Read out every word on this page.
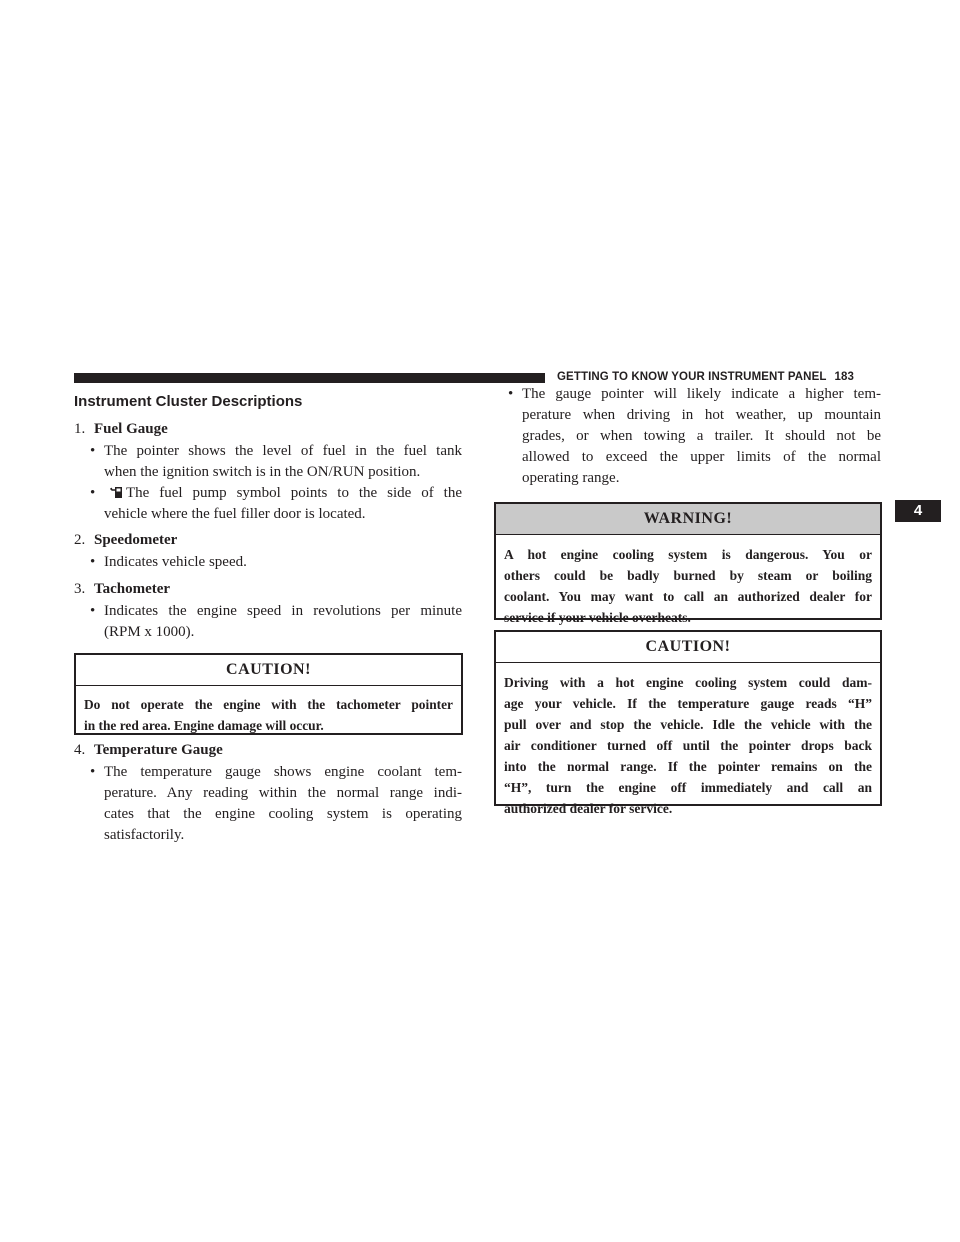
GETTING TO KNOW YOUR INSTRUMENT PANEL 183
4
Instrument Cluster Descriptions
1. Fuel Gauge
• The pointer shows the level of fuel in the fuel tank
when the ignition switch is in the ON/RUN position.
•	The fuel pump symbol points to the side of the
vehicle where the fuel filler door is located.
2. Speedometer
• Indicates vehicle speed.
3. Tachometer
• Indicates the engine speed in revolutions per minute
(RPM x 1000).
CAUTION!
Do not operate the engine with the tachometer pointer
in the red area. Engine damage will occur.
4. Temperature Gauge
• The temperature gauge shows engine coolant tem-
perature. Any reading within the normal range indi-
cates that the engine cooling system is operating
satisfactorily.
• The gauge pointer will likely indicate a higher tem-
perature when driving in hot weather, up mountain
grades, or when towing a trailer. It should not be
allowed to exceed the upper limits of the normal
operating range.
WARNING!
A hot engine cooling system is dangerous. You or
others could be badly burned by steam or boiling
coolant. You may want to call an authorized dealer for
service if your vehicle overheats.
CAUTION!
Driving with a hot engine cooling system could dam-
age your vehicle. If the temperature gauge reads “H”
pull over and stop the vehicle. Idle the vehicle with the
air conditioner turned off until the pointer drops back
into the normal range. If the pointer remains on the
“H”, turn the engine off immediately and call an
authorized dealer for service.
